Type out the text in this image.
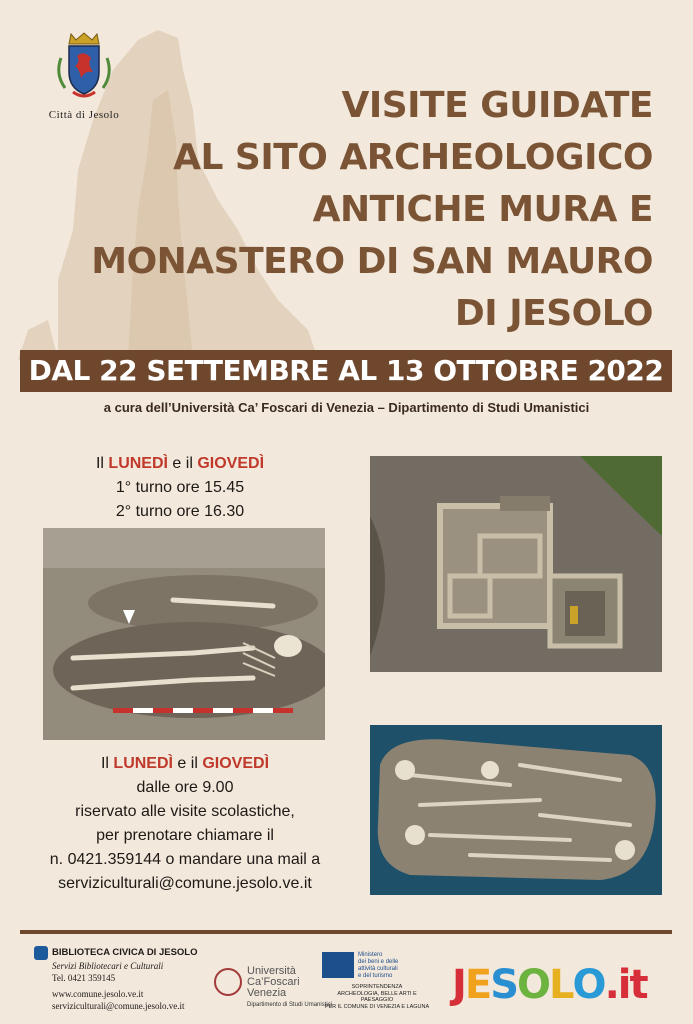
Città di Jesolo	VISITE GUIDATE
AL SITO ARCHEOLOGICO
ANTICHE MURA E
MONASTERO DI SAN MAURO
DI JESOLO
DAL 22 SETTEMBRE AL 13 OTTOBRE 2022
a cura dell’Università Ca’ Foscari di Venezia – Dipartimento di Studi Umanistici
Il LUNEDÌ e il GIOVEDÌ
1° turno ore 15.45
2° turno ore 16.30
Il LUNEDÌ e il GIOVEDÌ
dalle ore 9.00
riservato alle visite scolastiche,
per prenotare chiamare il
n. 0421.359144 o mandare una mail a
serviziculturali@comune.jesolo.ve.it
BIBLIOTECA CIVICA DI JESOLO
Servizi Bibliotecari e Culturali
Tel. 0421 359145
www.comune.jesolo.ve.it
serviziculturali@comune.jesolo.ve.it
Università
Ca’Foscari
Venezia
Dipartimento di Studi Umanistici
Ministero
dei beni e delle
attività culturali
e del turismo
SOPRINTENDENZA
ARCHEOLOGIA, BELLE ARTI E PAESAGGIO
PER IL COMUNE DI VENEZIA E LAGUNA JESOLO.it
